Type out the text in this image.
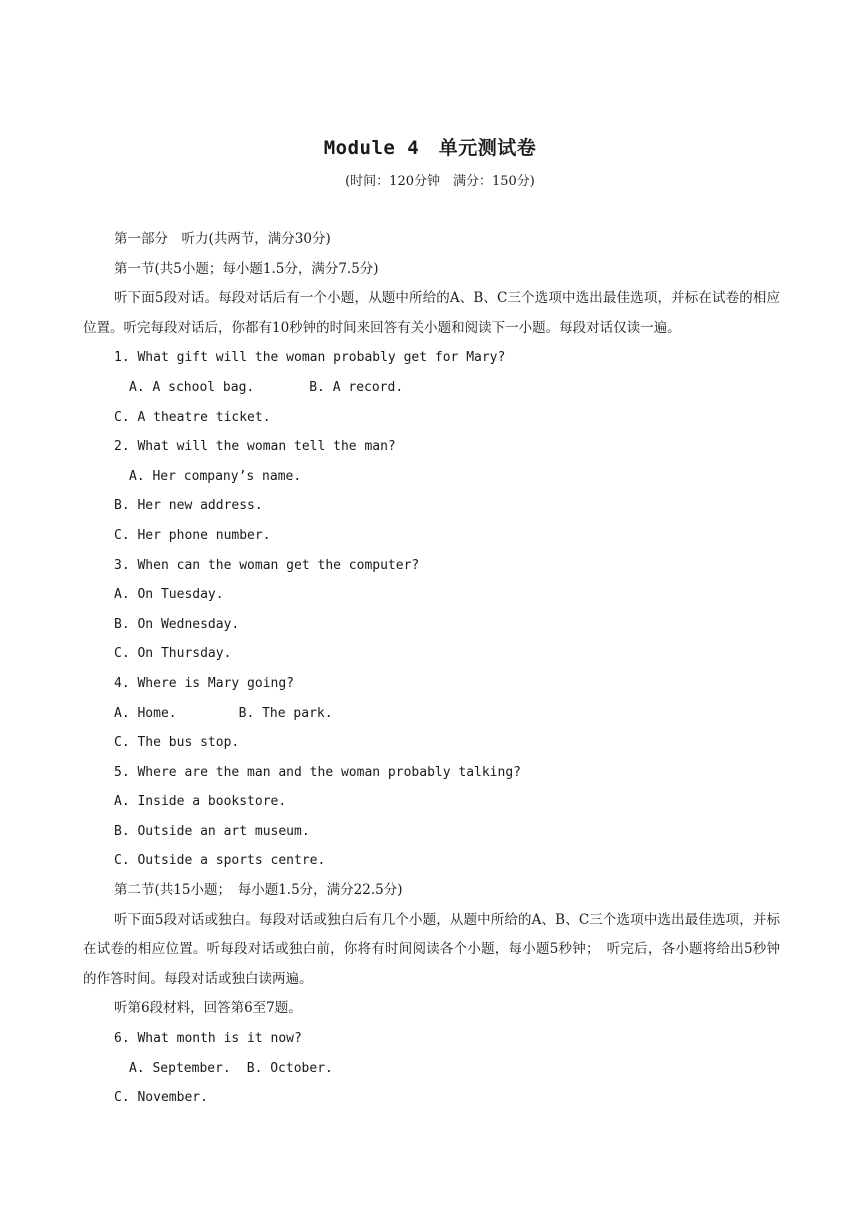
Module 4　单元测试卷
(时间：120分钟　满分：150分)
第一部分　听力(共两节，满分30分)
第一节(共5小题；每小题1.5分，满分7.5分)
听下面5段对话。每段对话后有一个小题，从题中所给的A、B、C三个选项中选出最佳选项，并标在试卷的相应位置。听完每段对话后，你都有10秒钟的时间来回答有关小题和阅读下一小题。每段对话仅读一遍。
1. What gift will the woman probably get for Mary?
A. A school bag.	B. A record.
C. A theatre ticket.
2. What will the woman tell the man?
A. Her company’s name.
B. Her new address.
C. Her phone number.
3. When can the woman get the computer?
A. On Tuesday.
B. On Wednesday.
C. On Thursday.
4. Where is Mary going?
A. Home.	B. The park.
C. The bus stop.
5. Where are the man and the woman probably talking?
A. Inside a bookstore.
B. Outside an art museum.
C. Outside a sports centre.
第二节(共15小题；　每小题1.5分，满分22.5分)
听下面5段对话或独白。每段对话或独白后有几个小题，从题中所给的A、B、C三个选项中选出最佳选项，并标在试卷的相应位置。听每段对话或独白前，你将有时间阅读各个小题，每小题5秒钟；　听完后，各小题将给出5秒钟的作答时间。每段对话或独白读两遍。
听第6段材料，回答第6至7题。
6. What month is it now?
A. September. B. October.
C. November.
